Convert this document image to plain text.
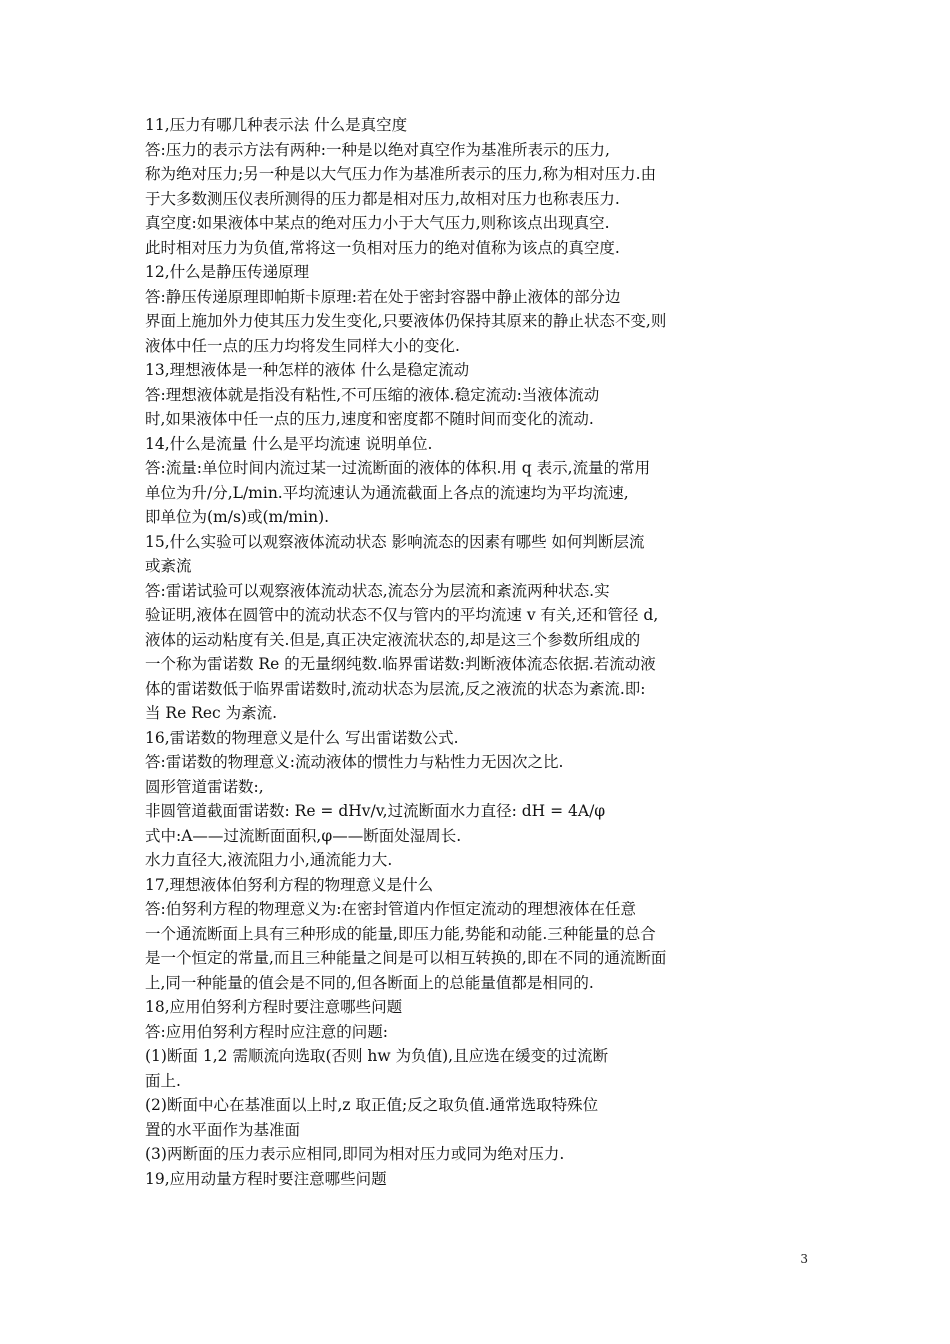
11,压力有哪几种表示法 什么是真空度
答:压力的表示方法有两种:一种是以绝对真空作为基准所表示的压力,
称为绝对压力;另一种是以大气压力作为基准所表示的压力,称为相对压力.由
于大多数测压仪表所测得的压力都是相对压力,故相对压力也称表压力.
真空度:如果液体中某点的绝对压力小于大气压力,则称该点出现真空.
此时相对压力为负值,常将这一负相对压力的绝对值称为该点的真空度.
12,什么是静压传递原理
答:静压传递原理即帕斯卡原理:若在处于密封容器中静止液体的部分边
界面上施加外力使其压力发生变化,只要液体仍保持其原来的静止状态不变,则
液体中任一点的压力均将发生同样大小的变化.
13,理想液体是一种怎样的液体 什么是稳定流动
答:理想液体就是指没有粘性,不可压缩的液体.稳定流动:当液体流动
时,如果液体中任一点的压力,速度和密度都不随时间而变化的流动.
14,什么是流量 什么是平均流速 说明单位.
答:流量:单位时间内流过某一过流断面的液体的体积.用 q 表示,流量的常用
单位为升/分,L/min.平均流速认为通流截面上各点的流速均为平均流速,
即单位为(m/s)或(m/min).
15,什么实验可以观察液体流动状态 影响流态的因素有哪些 如何判断层流
或紊流
答:雷诺试验可以观察液体流动状态,流态分为层流和紊流两种状态.实
验证明,液体在圆管中的流动状态不仅与管内的平均流速 v 有关,还和管径 d,
液体的运动粘度有关.但是,真正决定液流状态的,却是这三个参数所组成的
一个称为雷诺数 Re 的无量纲纯数.临界雷诺数:判断液体流态依据.若流动液
体的雷诺数低于临界雷诺数时,流动状态为层流,反之液流的状态为紊流.即:
当 Re Rec 为紊流.
16,雷诺数的物理意义是什么 写出雷诺数公式.
答:雷诺数的物理意义:流动液体的惯性力与粘性力无因次之比.
圆形管道雷诺数:,
非圆管道截面雷诺数: Re = dHv/v,过流断面水力直径: dH = 4A/φ
式中:A——过流断面面积,φ——断面处湿周长.
水力直径大,液流阻力小,通流能力大.
17,理想液体伯努利方程的物理意义是什么
答:伯努利方程的物理意义为:在密封管道内作恒定流动的理想液体在任意
一个通流断面上具有三种形成的能量,即压力能,势能和动能.三种能量的总合
是一个恒定的常量,而且三种能量之间是可以相互转换的,即在不同的通流断面
上,同一种能量的值会是不同的,但各断面上的总能量值都是相同的.
18,应用伯努利方程时要注意哪些问题
答:应用伯努利方程时应注意的问题:
(1)断面 1,2 需顺流向选取(否则 hw 为负值),且应选在缓变的过流断
面上.
(2)断面中心在基准面以上时,z 取正值;反之取负值.通常选取特殊位
置的水平面作为基准面
(3)两断面的压力表示应相同,即同为相对压力或同为绝对压力.
19,应用动量方程时要注意哪些问题
3
